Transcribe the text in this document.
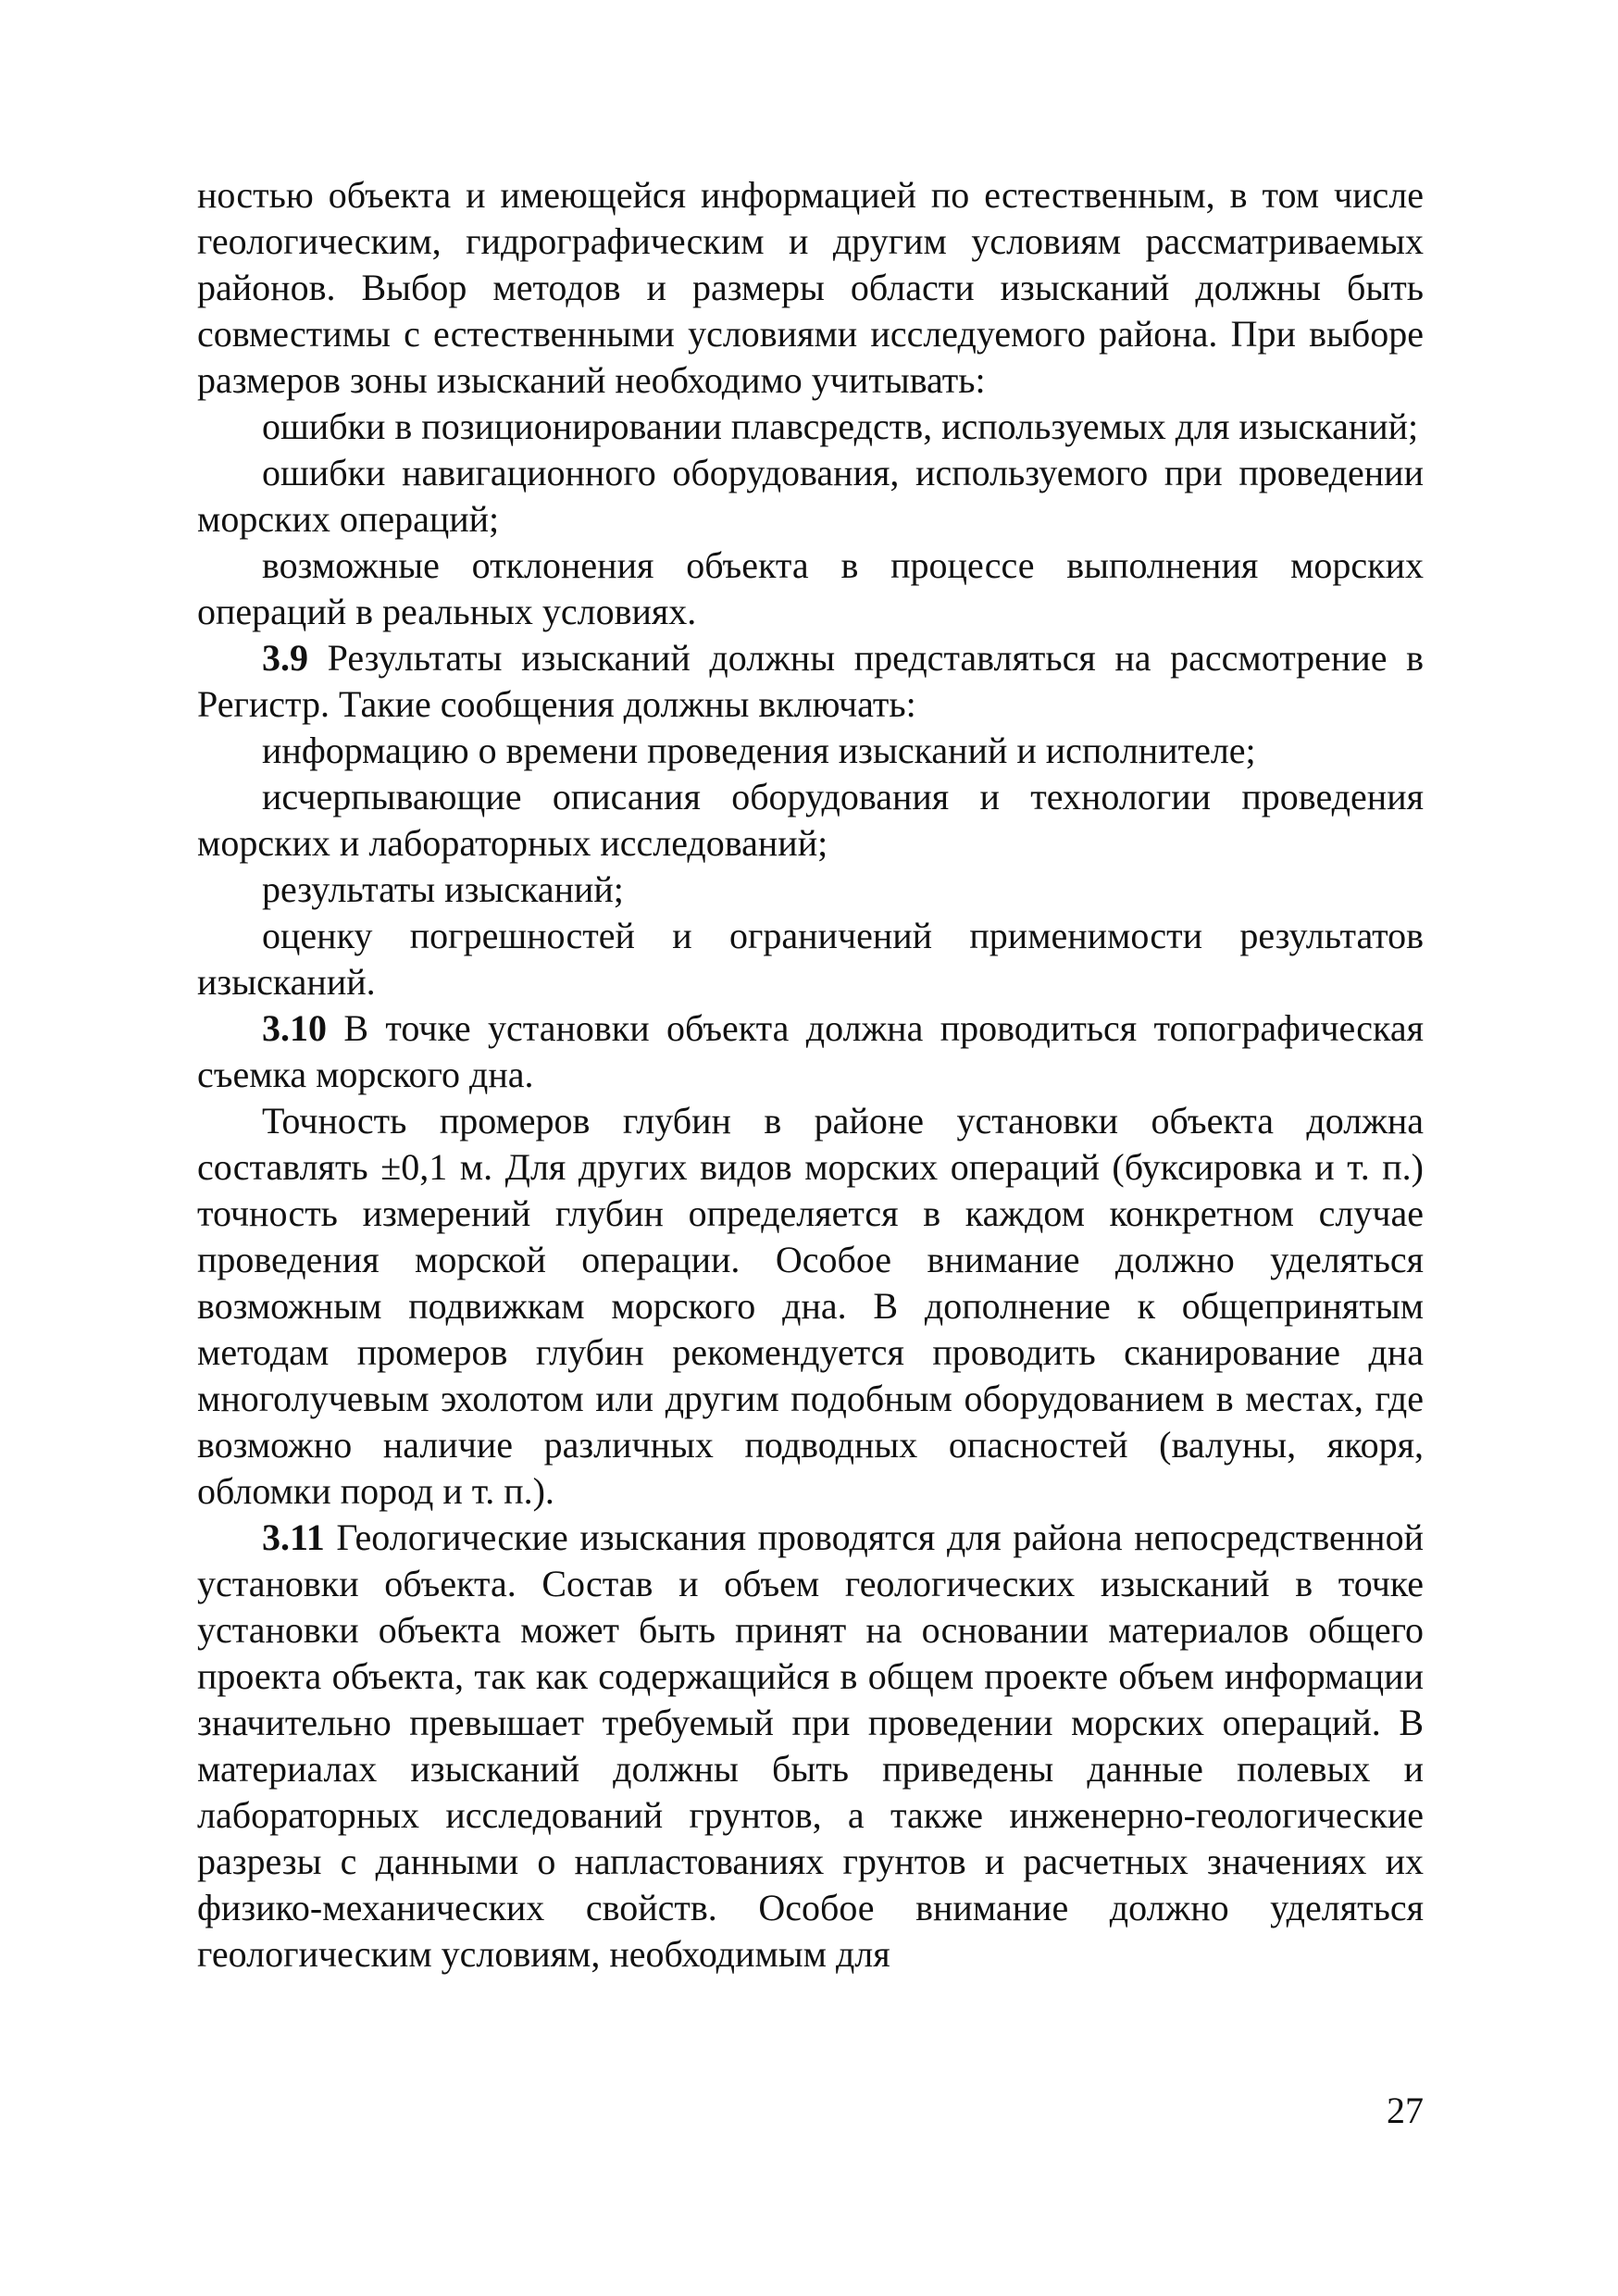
ностью объекта и имеющейся информацией по естественным, в том числе геологическим, гидрографическим и другим условиям рассматриваемых районов. Выбор методов и размеры области изысканий должны быть совместимы с естественными условиями исследуемого района. При выборе размеров зоны изысканий необходимо учитывать:

ошибки в позиционировании плавсредств, используемых для изысканий;

ошибки навигационного оборудования, используемого при проведении морских операций;

возможные отклонения объекта в процессе выполнения морских операций в реальных условиях.

3.9 Результаты изысканий должны представляться на рассмотрение в Регистр. Такие сообщения должны включать:

информацию о времени проведения изысканий и исполнителе;

исчерпывающие описания оборудования и технологии проведения морских и лабораторных исследований;

результаты изысканий;

оценку погрешностей и ограничений применимости результатов изысканий.

3.10 В точке установки объекта должна проводиться топографическая съемка морского дна.

Точность промеров глубин в районе установки объекта должна составлять ±0,1 м. Для других видов морских операций (буксировка и т. п.) точность измерений глубин определяется в каждом конкретном случае проведения морской операции. Особое внимание должно уделяться возможным подвижкам морского дна. В дополнение к общепринятым методам промеров глубин рекомендуется проводить сканирование дна многолучевым эхолотом или другим подобным оборудованием в местах, где возможно наличие различных подводных опасностей (валуны, якоря, обломки пород и т. п.).

3.11 Геологические изыскания проводятся для района непосредственной установки объекта. Состав и объем геологических изысканий в точке установки объекта может быть принят на основании материалов общего проекта объекта, так как содержащийся в общем проекте объем информации значительно превышает требуемый при проведении морских операций. В материалах изысканий должны быть приведены данные полевых и лабораторных исследований грунтов, а также инженерно-геологические разрезы с данными о напластованиях грунтов и расчетных значениях их физико-механических свойств. Особое внимание должно уделяться геологическим условиям, необходимым для

27
